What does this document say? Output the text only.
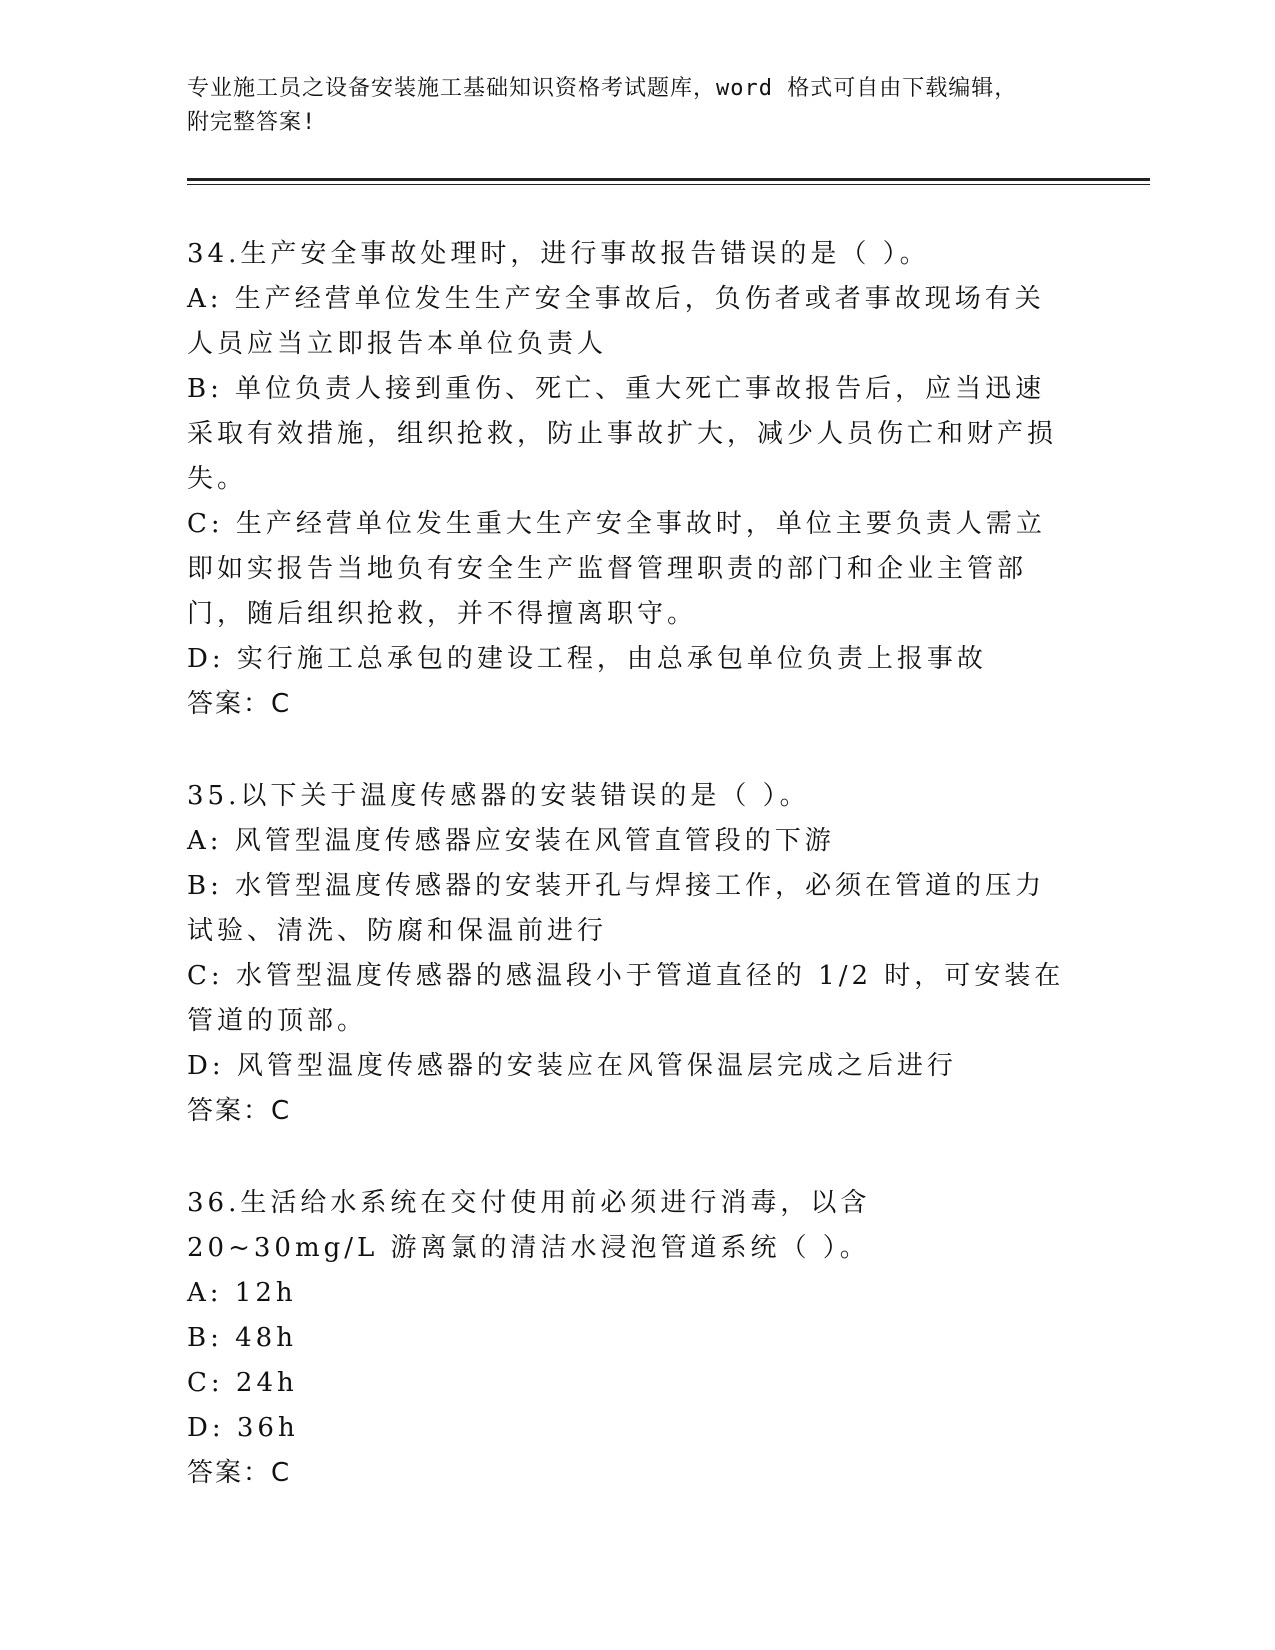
专业施工员之设备安装施工基础知识资格考试题库，word 格式可自由下载编辑，
附完整答案!
34.生产安全事故处理时，进行事故报告错误的是（ ）。
A: 生产经营单位发生生产安全事故后，负伤者或者事故现场有关人员应当立即报告本单位负责人
B: 单位负责人接到重伤、死亡、重大死亡事故报告后，应当迅速采取有效措施，组织抢救，防止事故扩大，减少人员伤亡和财产损失。
C: 生产经营单位发生重大生产安全事故时，单位主要负责人需立即如实报告当地负有安全生产监督管理职责的部门和企业主管部门，随后组织抢救，并不得擅离职守。
D: 实行施工总承包的建设工程，由总承包单位负责上报事故
答案：C
35.以下关于温度传感器的安装错误的是（ ）。
A: 风管型温度传感器应安装在风管直管段的下游
B: 水管型温度传感器的安装开孔与焊接工作，必须在管道的压力试验、清洗、防腐和保温前进行
C: 水管型温度传感器的感温段小于管道直径的 1/2 时，可安装在管道的顶部。
D: 风管型温度传感器的安装应在风管保温层完成之后进行
答案：C
36.生活给水系统在交付使用前必须进行消毒，以含 20~30mg/L 游离氯的清洁水浸泡管道系统（ ）。
A: 12h
B: 48h
C: 24h
D: 36h
答案：C
